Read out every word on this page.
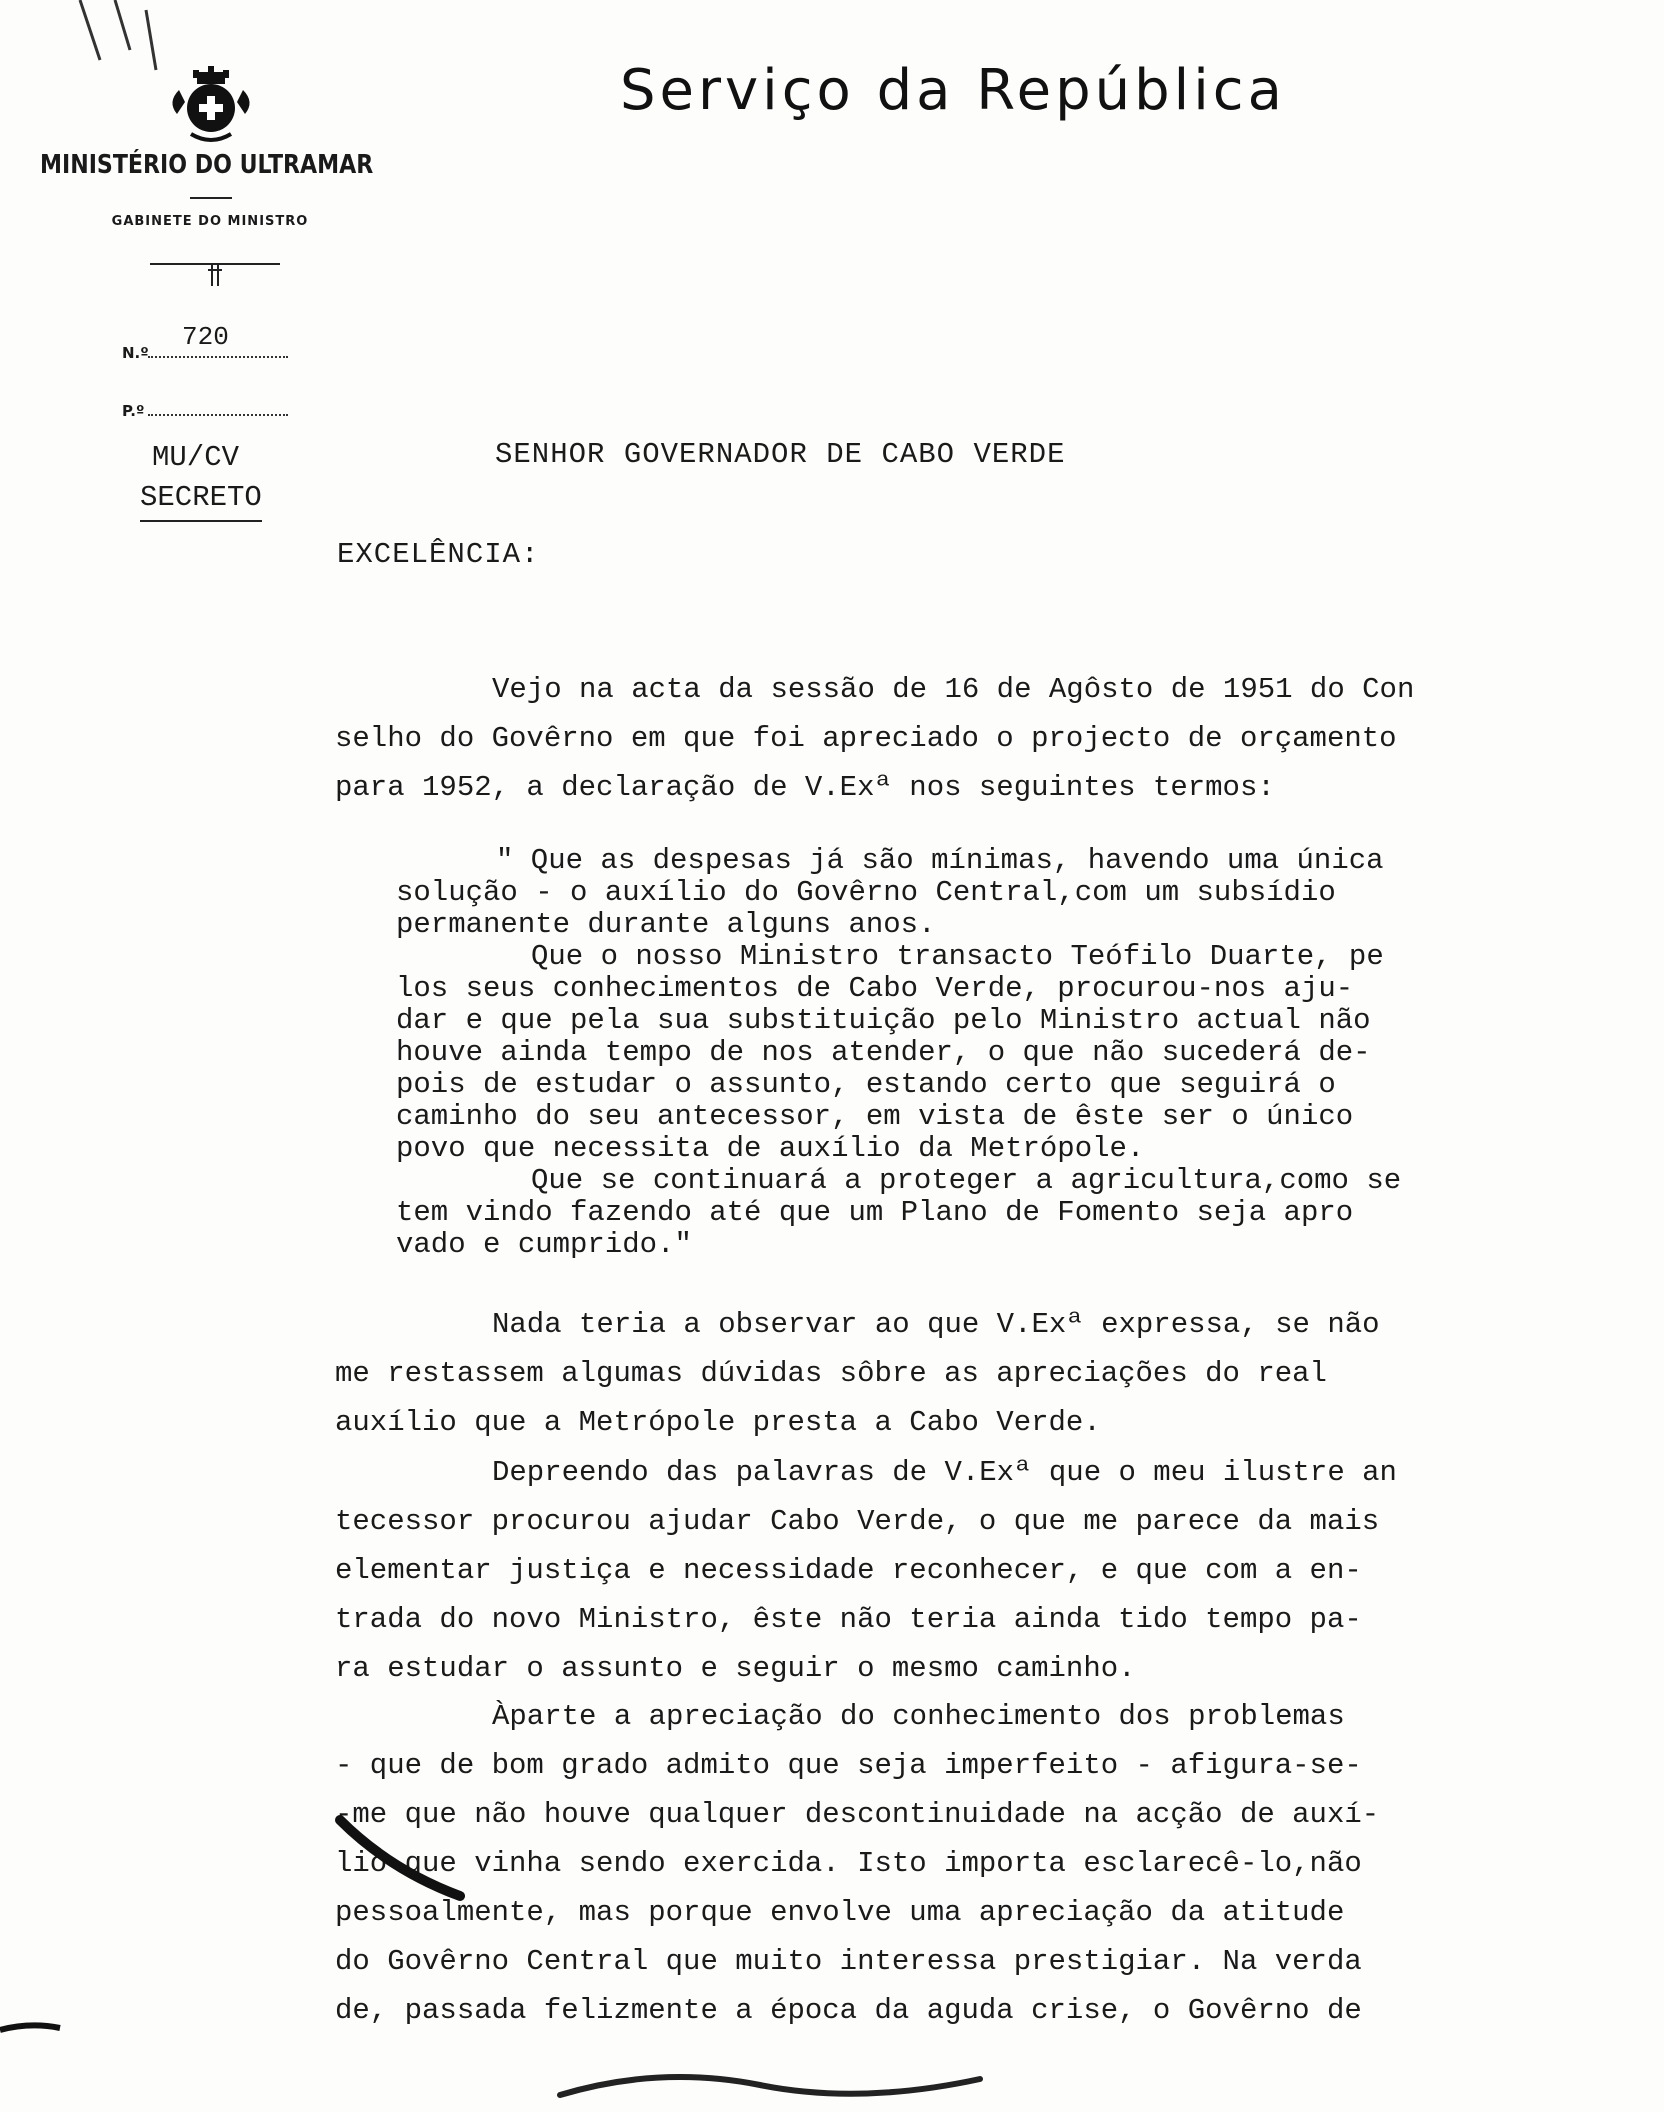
Serviço da República
MINISTÉRIO DO ULTRAMAR
GABINETE DO MINISTRO
N.º
720
P.º
MU/CV
SECRETO
SENHOR GOVERNADOR DE CABO VERDE
EXCELÊNCIA:
Vejo na acta da sessão de 16 de Agôsto de 1951 do Con
selho do Govêrno em que foi apreciado o projecto de orçamento
para 1952, a declaração de V.Exª nos seguintes termos:
" Que as despesas já são mínimas, havendo uma única
solução - o auxílio do Govêrno Central,com um subsídio
permanente durante alguns anos.
Que o nosso Ministro transacto Teófilo Duarte, pe
los seus conhecimentos de Cabo Verde, procurou-nos aju-
dar e que pela sua substituição pelo Ministro actual não
houve ainda tempo de nos atender, o que não sucederá de-
pois de estudar o assunto, estando certo que seguirá o
caminho do seu antecessor, em vista de êste ser o único
povo que necessita de auxílio da Metrópole.
Que se continuará a proteger a agricultura,como se
tem vindo fazendo até que um Plano de Fomento seja apro
vado e cumprido."
Nada teria a observar ao que V.Exª expressa, se não
me restassem algumas dúvidas sôbre as apreciações do real
auxílio que a Metrópole presta a Cabo Verde.
Depreendo das palavras de V.Exª que o meu ilustre an
tecessor procurou ajudar Cabo Verde, o que me parece da mais
elementar justiça e necessidade reconhecer, e que com a en-
trada do novo Ministro, êste não teria ainda tido tempo pa-
ra estudar o assunto e seguir o mesmo caminho.
Àparte a apreciação do conhecimento dos problemas
- que de bom grado admito que seja imperfeito - afigura-se-
-me que não houve qualquer descontinuidade na acção de auxí-
lio que vinha sendo exercida. Isto importa esclarecê-lo,não
pessoalmente, mas porque envolve uma apreciação da atitude
do Govêrno Central que muito interessa prestigiar. Na verda
de, passada felizmente a época da aguda crise, o Govêrno de
